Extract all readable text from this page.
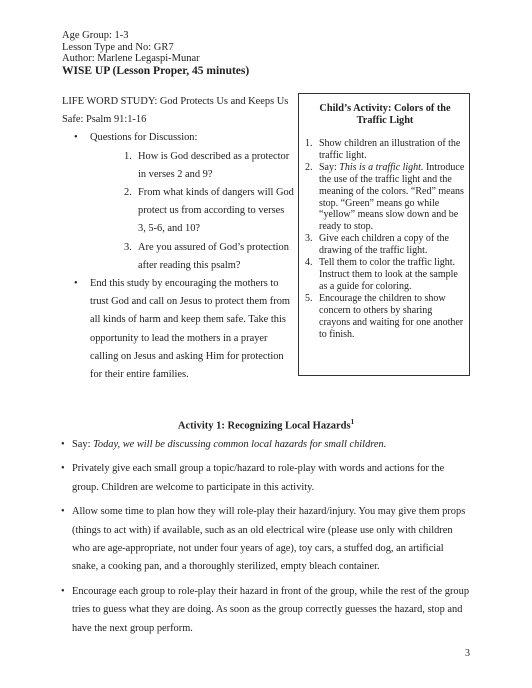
Age Group: 1-3
Lesson Type and No: GR7
Author: Marlene Legaspi-Munar
WISE UP (Lesson Proper, 45 minutes)
LIFE WORD STUDY: God Protects Us and Keeps Us Safe: Psalm 91:1-16
• Questions for Discussion:
1. How is God described as a protector in verses 2 and 9?
2. From what kinds of dangers will God protect us from according to verses 3, 5-6, and 10?
3. Are you assured of God’s protection after reading this psalm?
• End this study by encouraging the mothers to trust God and call on Jesus to protect them from all kinds of harm and keep them safe. Take this opportunity to lead the mothers in a prayer calling on Jesus and asking Him for protection for their entire families.
Child’s Activity: Colors of the Traffic Light
1. Show children an illustration of the traffic light.
2. Say: This is a traffic light. Introduce the use of the traffic light and the meaning of the colors. “Red” means stop. “Green” means go while “yellow” means slow down and be ready to stop.
3. Give each children a copy of the drawing of the traffic light.
4. Tell them to color the traffic light. Instruct them to look at the sample as a guide for coloring.
5. Encourage the children to show concern to others by sharing crayons and waiting for one another to finish.
Activity 1: Recognizing Local Hazards$^1$
• Say: Today, we will be discussing common local hazards for small children.
• Privately give each small group a topic/hazard to role-play with words and actions for the group. Children are welcome to participate in this activity.
• Allow some time to plan how they will role-play their hazard/injury. You may give them props (things to act with) if available, such as an old electrical wire (please use only with children who are age-appropriate, not under four years of age), toy cars, a stuffed dog, an artificial snake, a cooking pan, and a thoroughly sterilized, empty bleach container.
• Encourage each group to role-play their hazard in front of the group, while the rest of the group tries to guess what they are doing. As soon as the group correctly guesses the hazard, stop and have the next group perform.
3
